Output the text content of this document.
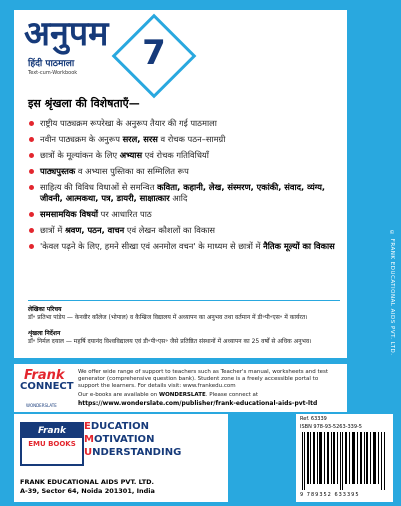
अनुपम
हिंदी पाठमाला
Text-cum-Workbook 7
इस श्रृंखला की विशेषताएँ—
राष्ट्रीय पाठ्यक्रम रूपरेखा के अनुरूप तैयार की गई पाठमाला
नवीन पाठ्यक्रम के अनुरूप सरल, सरस व रोचक पठन–सामग्री
छात्रों के मूल्यांकन के लिए अभ्यास एवं रोचक गतिविधियाँ
पाठ्यपुस्तक व अभ्यास पुस्तिका का सम्मिलित रूप
साहित्य की विविध विधाओं से समन्वित कविता, कहानी, लेख, संस्मरण, एकांकी, संवाद, व्यंग्य, जीवनी, आत्मकथा, पत्र, डायरी, साक्षात्कार आदि
समसामयिक विषयों पर आधारित पाठ
छात्रों में श्रवण, पठन, वाचन एवं लेखन कौशलों का विकास
'केवल पढ़ने के लिए, हमने सीखा एवं अनमोल वचन' के माध्यम से छात्रों में नैतिक मूल्यों का विकास
लेखिका परिचय
डॉ॰ प्रतिभा पांडेय — केनवीर कॉलेज (भोपाल) व कैम्ब्रिज विद्यालय में अध्यापन का अनुभव तथा वर्तमान में डी॰पी॰एस॰ में कार्यरत।
शृंखला निर्देशन
डॉ॰ निर्मल दयाल — महर्षि दयानंद विश्वविद्यालय एवं डी॰पी॰एस॰ जैसे प्रतिष्ठित संस्थानों में अध्यापन का 25 वर्षों से अधिक अनुभव।	© FRANK EDUCATIONAL AIDS PVT. LTD.
Frank
CONNECT
WONDERSLATE
We offer wide range of support to teachers such as Teacher's manual, worksheets and test generator (comprehensive question bank). Student zone is a freely accessible portal to support the learners. For details visit: www.frankedu.com
Our e-books are available on WONDERSLATE. Please connect at
https://www.wonderslate.com/publisher/frank-educational-aids-pvt-ltd
Frank
EMU BOOKS
EDUCATION
MOTIVATION
UNDERSTANDING
FRANK EDUCATIONAL AIDS PVT. LTD.
A-39, Sector 64, Noida 201301, India
Ref. 63339
ISBN 978-93-5263-339-5
9 789352 633395
